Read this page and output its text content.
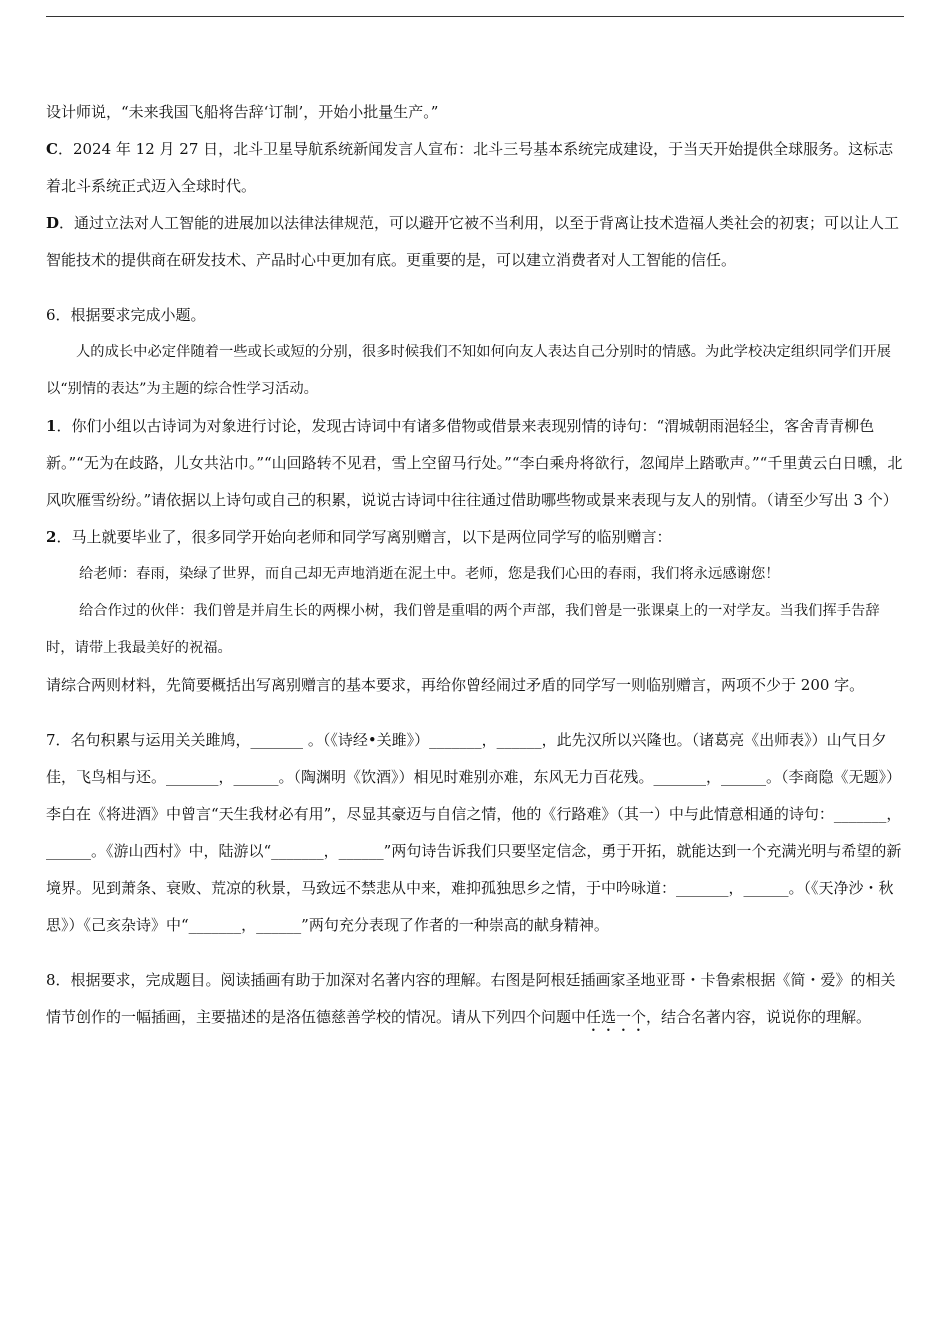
设计师说，“未来我国飞船将告辞‘订制’，开始小批量生产。”

C．2024 年 12 月 27 日，北斗卫星导航系统新闻发言人宣布：北斗三号基本系统完成建设，于当天开始提供全球服务。这标志着北斗系统正式迈入全球时代。

D．通过立法对人工智能的进展加以法律法律规范，可以避开它被不当利用，以至于背离让技术造福人类社会的初衷；可以让人工智能技术的提供商在研发技术、产品时心中更加有底。更重要的是，可以建立消费者对人工智能的信任。

6．根据要求完成小题。

人的成长中必定伴随着一些或长或短的分别，很多时候我们不知如何向友人表达自己分别时的情感。为此学校决定组织同学们开展以“别情的表达”为主题的综合性学习活动。

1．你们小组以古诗词为对象进行讨论，发现古诗词中有诸多借物或借景来表现别情的诗句：“渭城朝雨浥轻尘，客舍青青柳色新。”“无为在歧路，儿女共沾巾。”“山回路转不见君，雪上空留马行处。”“李白乘舟将欲行，忽闻岸上踏歌声。”“千里黄云白日曛，北风吹雁雪纷纷。”请依据以上诗句或自己的积累，说说古诗词中往往通过借助哪些物或景来表现与友人的别情。（请至少写出 3 个）

2．马上就要毕业了，很多同学开始向老师和同学写离别赠言，以下是两位同学写的临别赠言：

给老师：春雨，染绿了世界，而自己却无声地消逝在泥土中。老师，您是我们心田的春雨，我们将永远感谢您！

给合作过的伙伴：我们曾是并肩生长的两棵小树，我们曾是重唱的两个声部，我们曾是一张课桌上的一对学友。当我们挥手告辞时，请带上我最美好的祝福。

请综合两则材料，先简要概括出写离别赠言的基本要求，再给你曾经闹过矛盾的同学写一则临别赠言，两项不少于 200 字。

7．名句积累与运用关关雎鸠，_______ 。（《诗经•关雎》）_______，______，此先汉所以兴隆也。（诸葛亮《出师表》）山气日夕佳，飞鸟相与还。_______，______。（陶渊明《饮酒》）相见时难别亦难，东风无力百花残。_______，______。（李商隐《无题》）李白在《将进酒》中曾言“天生我材必有用”，尽显其豪迈与自信之情，他的《行路难》（其一）中与此情意相通的诗句：_______，______。《游山西村》中，陆游以“_______，______”两句诗告诉我们只要坚定信念，勇于开拓，就能达到一个充满光明与希望的新境界。见到萧条、衰败、荒凉的秋景，马致远不禁悲从中来，难抑孤独思乡之情，于中吟咏道：_______，______。（《天净沙・秋思》）《己亥杂诗》中“_______，______”两句充分表现了作者的一种崇高的献身精神。

8．根据要求，完成题目。阅读插画有助于加深对名著内容的理解。右图是阿根廷插画家圣地亚哥・卡鲁索根据《简・爱》的相关情节创作的一幅插画，主要描述的是洛伍德慈善学校的情况。请从下列四个问题中任选一个，结合名著内容，说说你的理解。
